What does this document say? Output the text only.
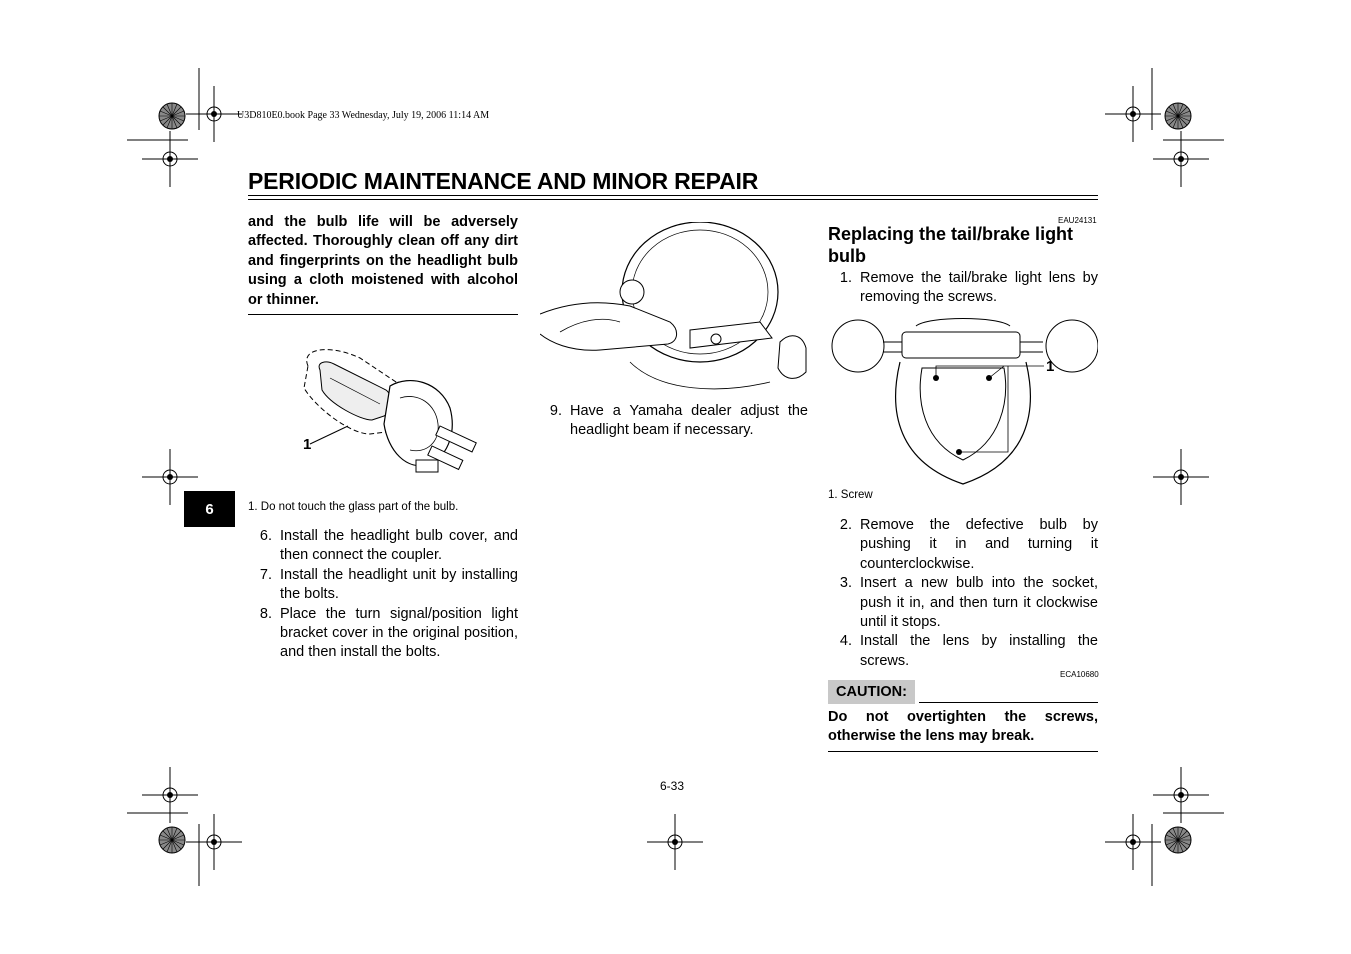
U3D810E0.book Page 33 Wednesday, July 19, 2006 11:14 AM
PERIODIC MAINTENANCE AND MINOR REPAIR
and the bulb life will be adversely affected. Thoroughly clean off any dirt and fingerprints on the headlight bulb using a cloth moistened with alcohol or thinner.
1
1. Do not touch the glass part of the bulb.
6
6. Install the headlight bulb cover, and then connect the coupler.
7. Install the headlight unit by installing the bolts.
8. Place the turn signal/position light bracket cover in the original position, and then install the bolts.
9. Have a Yamaha dealer adjust the headlight beam if necessary.
EAU24131
Replacing the tail/brake light bulb
1. Remove the tail/brake light lens by removing the screws.
1
1. Screw
2. Remove the defective bulb by pushing it in and turning it counterclockwise.
3. Insert a new bulb into the socket, push it in, and then turn it clockwise until it stops.
4. Install the lens by installing the screws.
ECA10680
CAUTION:
Do not overtighten the screws, otherwise the lens may break.
6-33
